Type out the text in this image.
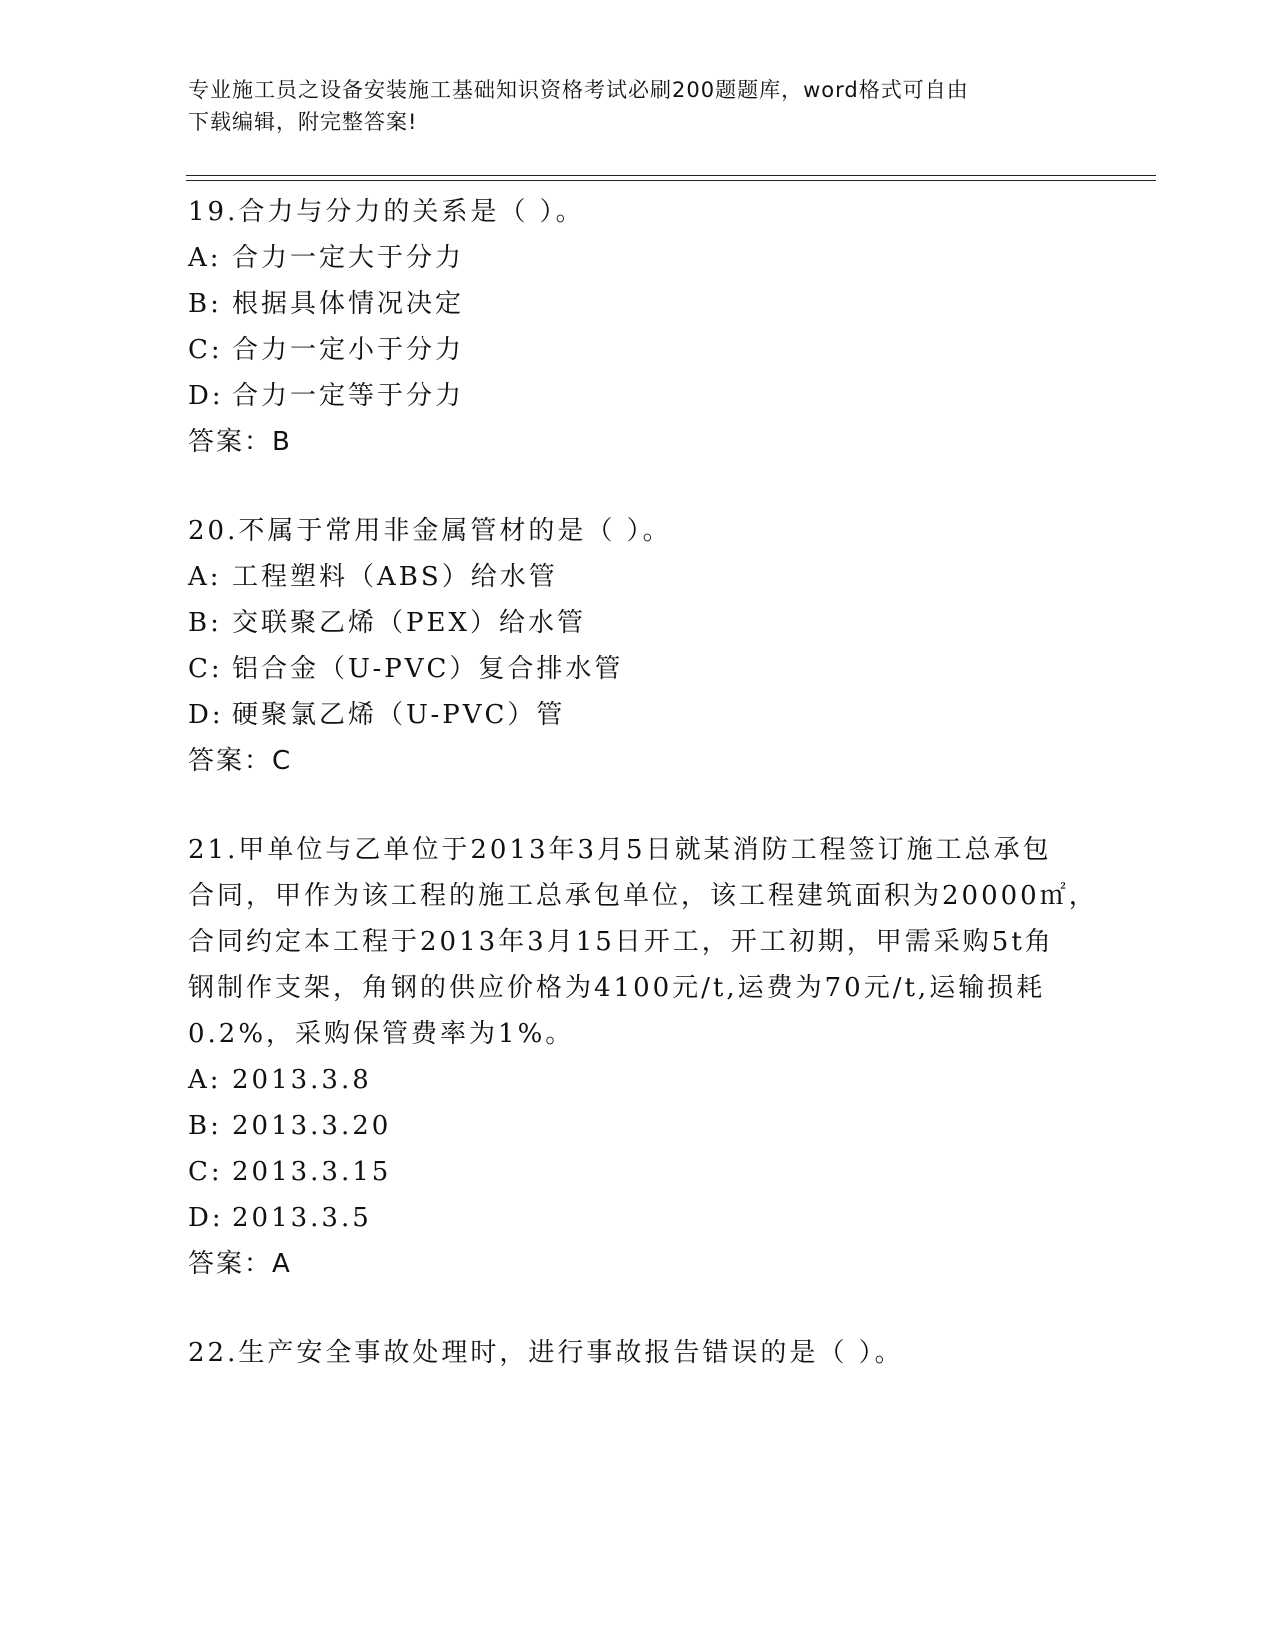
专业施工员之设备安装施工基础知识资格考试必刷200题题库，word格式可自由
下载编辑，附完整答案!
19.合力与分力的关系是（ ）。
A: 合力一定大于分力
B: 根据具体情况决定
C: 合力一定小于分力
D: 合力一定等于分力
答案：B
20.不属于常用非金属管材的是（ ）。
A: 工程塑料（ABS）给水管
B: 交联聚乙烯（PEX）给水管
C: 铝合金（U-PVC）复合排水管
D: 硬聚氯乙烯（U-PVC）管
答案：C
21.甲单位与乙单位于2013年3月5日就某消防工程签订施工总承包
合同，甲作为该工程的施工总承包单位，该工程建筑面积为20000㎡，
合同约定本工程于2013年3月15日开工，开工初期，甲需采购5t角
钢制作支架，角钢的供应价格为4100元/t,运费为70元/t,运输损耗
0.2%，采购保管费率为1%。
A: 2013.3.8
B: 2013.3.20
C: 2013.3.15
D: 2013.3.5
答案：A
22.生产安全事故处理时，进行事故报告错误的是（ ）。
